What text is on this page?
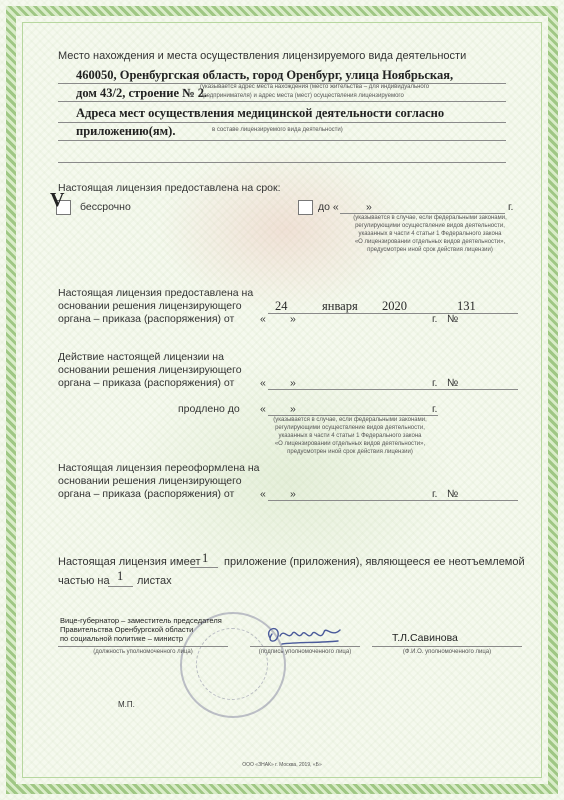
Место нахождения и места осуществления лицензируемого вида деятельности
460050, Оренбургская область, город Оренбург, улица Ноябрьская,
(указывается адрес места нахождения (место жительства – для индивидуального
дом 43/2, строение № 2.
предпринимателя) и адрес места (мест) осуществления лицензируемого
Адреса мест осуществления медицинской деятельности согласно
приложению(ям).	в составе лицензируемого вида деятельности)
Настоящая лицензия предоставлена на срок:
V бессрочно	до «	»	г.
(указывается в случае, если федеральными законами,
регулирующими осуществление видов деятельности,
указанных в части 4 статьи 1 Федерального закона
«О лицензировании отдельных видов деятельности»,
предусмотрен иной срок действия лицензии)
Настоящая лицензия предоставлена на
основании решения лицензирующего
органа – приказа (распоряжения) от «
24
»
января 2020
г. №
131
Действие настоящей лицензии на
основании решения лицензирующего
органа – приказа (распоряжения) от « »	г. №
продлено до « »	г.
(указывается в случае, если федеральными законами,
регулирующими осуществление видов деятельности,
указанных в части 4 статьи 1 Федерального закона
«О лицензировании отдельных видов деятельности»,
предусмотрен иной срок действия лицензии)
Настоящая лицензия переоформлена на
основании решения лицензирующего
органа – приказа (распоряжения) от « »	г. №
Настоящая лицензия имеет 1 приложение (приложения), являющееся ее неотъемлемой
частью на 1 листах
Вице-губернатор – заместитель председателя
Правительства Оренбургской области
по социальной политике – министр
(должность уполномоченного лица)	(подпись уполномоченного лица)
Т.Л.Савинова
(Ф.И.О. уполномоченного лица)
М.П.
ООО «ЗНАК» г. Москва, 2019, «Б»
